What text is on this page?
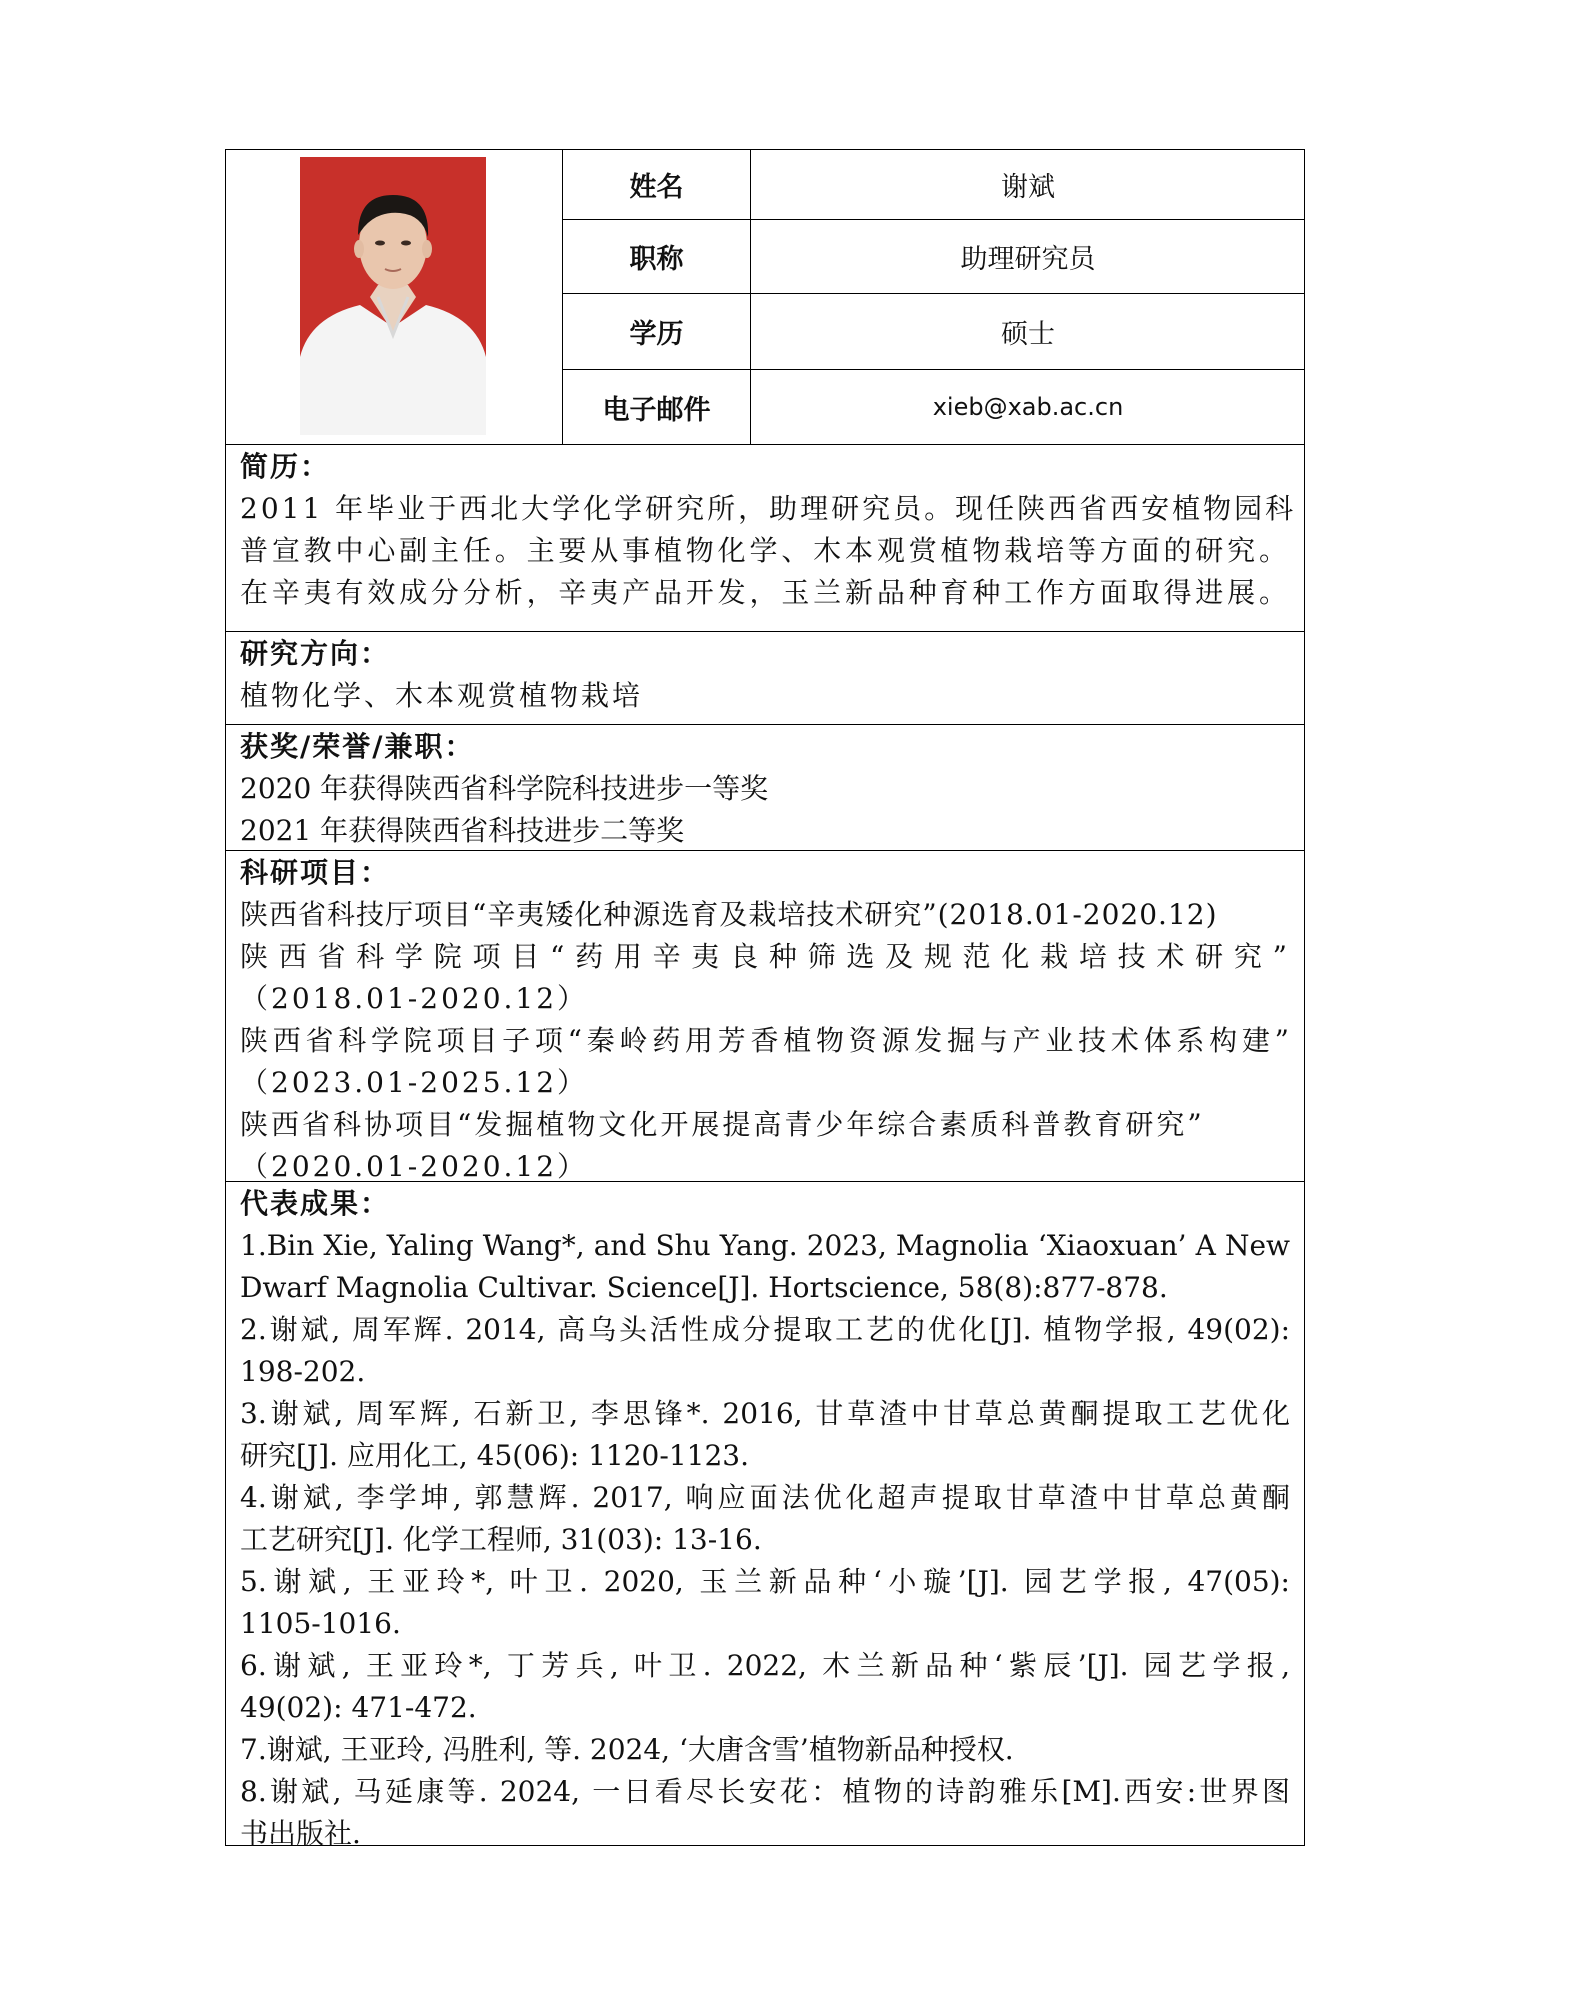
姓名	谢斌
职称	助理研究员
学历	硕士
电子邮件	xieb@xab.ac.cn
简历：
2011 年毕业于西北大学化学研究所，助理研究员。现任陕西省西安植物园科
普宣教中心副主任。主要从事植物化学、木本观赏植物栽培等方面的研究。
在辛夷有效成分分析，辛夷产品开发，玉兰新品种育种工作方面取得进展。
研究方向：
植物化学、木本观赏植物栽培
获奖/荣誉/兼职：
2020 年获得陕西省科学院科技进步一等奖
2021 年获得陕西省科技进步二等奖
科研项目：
陕西省科技厅项目“辛夷矮化种源选育及栽培技术研究”(2018.01-2020.12)
陕西省科学院项目“药用辛夷良种筛选及规范化栽培技术研究”
（2018.01-2020.12）
陕西省科学院项目子项“秦岭药用芳香植物资源发掘与产业技术体系构建”
（2023.01-2025.12）
陕西省科协项目“发掘植物文化开展提高青少年综合素质科普教育研究”
（2020.01-2020.12）
代表成果：
1.Bin Xie, Yaling Wang*, and Shu Yang. 2023, Magnolia ‘Xiaoxuan’ A New
Dwarf Magnolia Cultivar. Science[J]. Hortscience, 58(8):877-878.
2.谢斌, 周军辉. 2014, 高乌头活性成分提取工艺的优化[J]. 植物学报, 49(02):
198-202.
3.谢斌, 周军辉, 石新卫, 李思锋*. 2016, 甘草渣中甘草总黄酮提取工艺优化
研究[J]. 应用化工, 45(06): 1120-1123.
4.谢斌, 李学坤, 郭慧辉. 2017, 响应面法优化超声提取甘草渣中甘草总黄酮
工艺研究[J]. 化学工程师, 31(03): 13-16.
5.谢斌, 王亚玲*, 叶卫. 2020, 玉兰新品种‘小璇’[J]. 园艺学报, 47(05):
1105-1016.
6.谢斌, 王亚玲*, 丁芳兵, 叶卫. 2022, 木兰新品种‘紫辰’[J]. 园艺学报,
49(02): 471-472.
7.谢斌, 王亚玲, 冯胜利, 等. 2024, ‘大唐含雪’植物新品种授权.
8.谢斌, 马延康等. 2024, 一日看尽长安花：植物的诗韵雅乐[M].西安:世界图
书出版社.
